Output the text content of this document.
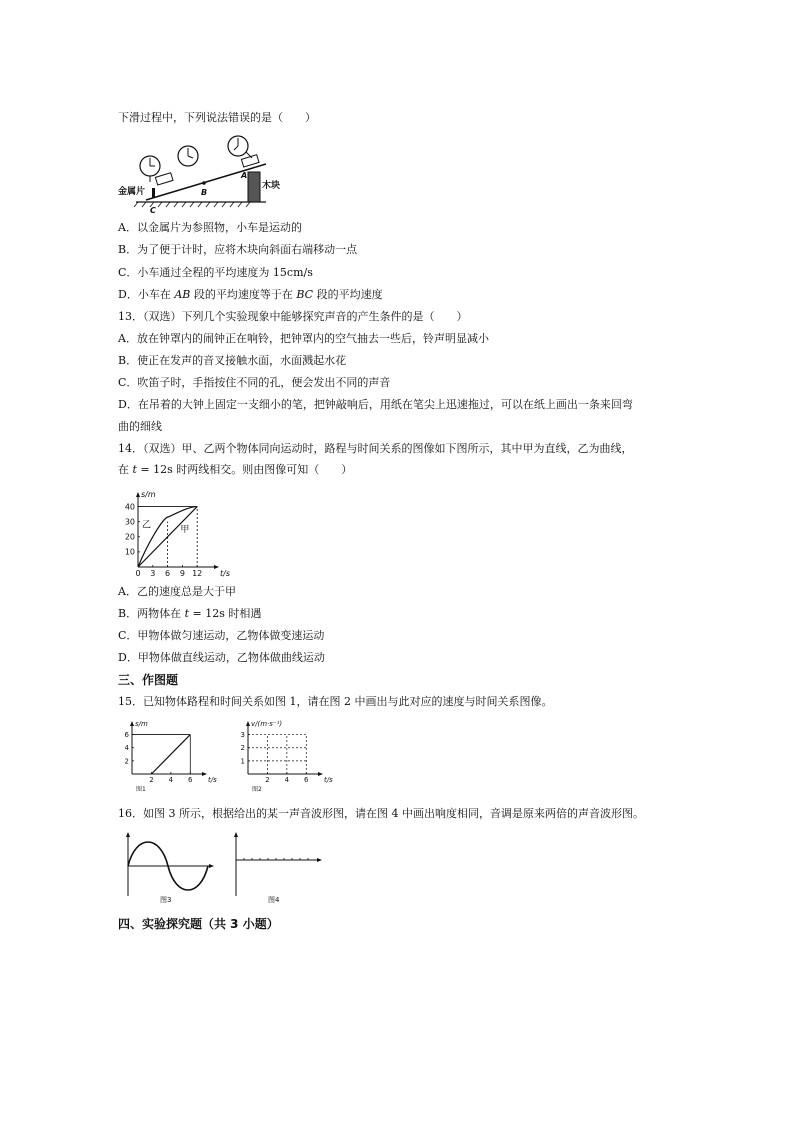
下滑过程中，下列说法错误的是（　　）
金属片
木块
A
B
C
A．以金属片为参照物，小车是运动的
B．为了便于计时，应将木块向斜面右端移动一点
C．小车通过全程的平均速度为 15cm/s
D．小车在 AB 段的平均速度等于在 BC 段的平均速度
13．（双选）下列几个实验现象中能够探究声音的产生条件的是（　　）
A．放在钟罩内的闹钟正在响铃，把钟罩内的空气抽去一些后，铃声明显减小
B．使正在发声的音叉接触水面，水面溅起水花
C．吹笛子时，手指按住不同的孔，便会发出不同的声音
D．在吊着的大钟上固定一支细小的笔，把钟敲响后，用纸在笔尖上迅速拖过，可以在纸上画出一条来回弯
曲的细线
14．（双选）甲、乙两个物体同向运动时，路程与时间关系的图像如下图所示，其中甲为直线，乙为曲线，
在 t = 12s 时两线相交。则由图像可知（　　）
3 6 9 12
0
10
20
30
40
s/m
t/s
乙	甲
A．乙的速度总是大于甲
B．两物体在 t = 12s 时相遇
C．甲物体做匀速运动，乙物体做变速运动
D．甲物体做直线运动，乙物体做曲线运动
三、作图题
15．已知物体路程和时间关系如图 1，请在图 2 中画出与此对应的速度与时间关系图像。
2 4 6
2
4
6
s/m
t/s
图1
2 4 6
1
2
3
v/(m·s⁻¹)
t/s
图2
16．如图 3 所示，根据给出的某一声音波形图，请在图 4 中画出响度相同，音调是原来两倍的声音波形图。
图3	图4
四、实验探究题（共 3 小题）
